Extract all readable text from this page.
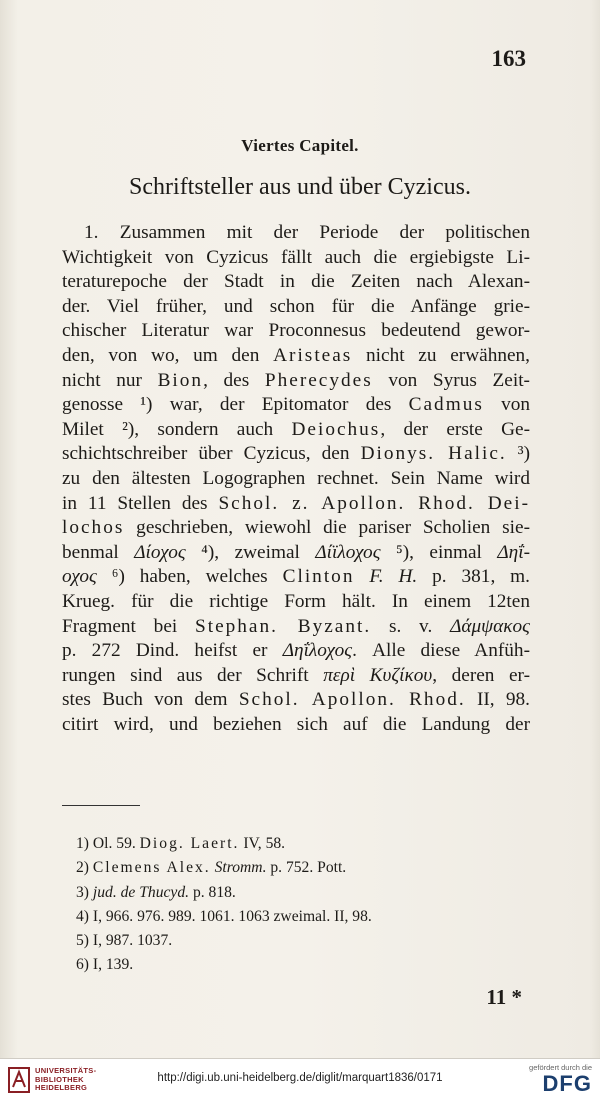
163
Viertes Capitel.
Schriftsteller aus und über Cyzicus.
1. Zusammen mit der Periode der politischen
Wichtigkeit von Cyzicus fällt auch die ergiebigste Li-
teraturepoche der Stadt in die Zeiten nach Alexan-
der. Viel früher, und schon für die Anfänge grie-
chischer Literatur war Proconnesus bedeutend gewor-
den, von wo, um den Aristeas nicht zu erwähnen,
nicht nur Bion, des Pherecydes von Syrus Zeit-
genosse ¹) war, der Epitomator des Cadmus von
Milet ²), sondern auch Deiochus, der erste Ge-
schichtschreiber über Cyzicus, den Dionys. Halic. ³)
zu den ältesten Logographen rechnet. Sein Name wird
in 11 Stellen des Schol. z. Apollon. Rhod. Dei-
lochos geschrieben, wiewohl die pariser Scholien sie-
benmal Δίοχος ⁴), zweimal Δίϊλοχος ⁵), einmal Δηΐ-
οχος ⁶) haben, welches Clinton F. H. p. 381, m.
Krueg. für die richtige Form hält. In einem 12ten
Fragment bei Stephan. Byzant. s. v. Δάμψακος
p. 272 Dind. heifst er Δηΐλοχος. Alle diese Anfüh-
rungen sind aus der Schrift περὶ Κυζίκου, deren er-
stes Buch von dem Schol. Apollon. Rhod. II, 98.
citirt wird, und beziehen sich auf die Landung der
1) Ol. 59. Diog. Laert. IV, 58.
2) Clemens Alex. Stromm. p. 752. Pott.
3) jud. de Thucyd. p. 818.
4) I, 966. 976. 989. 1061. 1063 zweimal. II, 98.
5) I, 987. 1037.
6) I, 139.
11 *
UNIVERSITÄTS-
BIBLIOTHEK
HEIDELBERG
http://digi.ub.uni-heidelberg.de/diglit/marquart1836/0171
gefördert durch die
DFG
